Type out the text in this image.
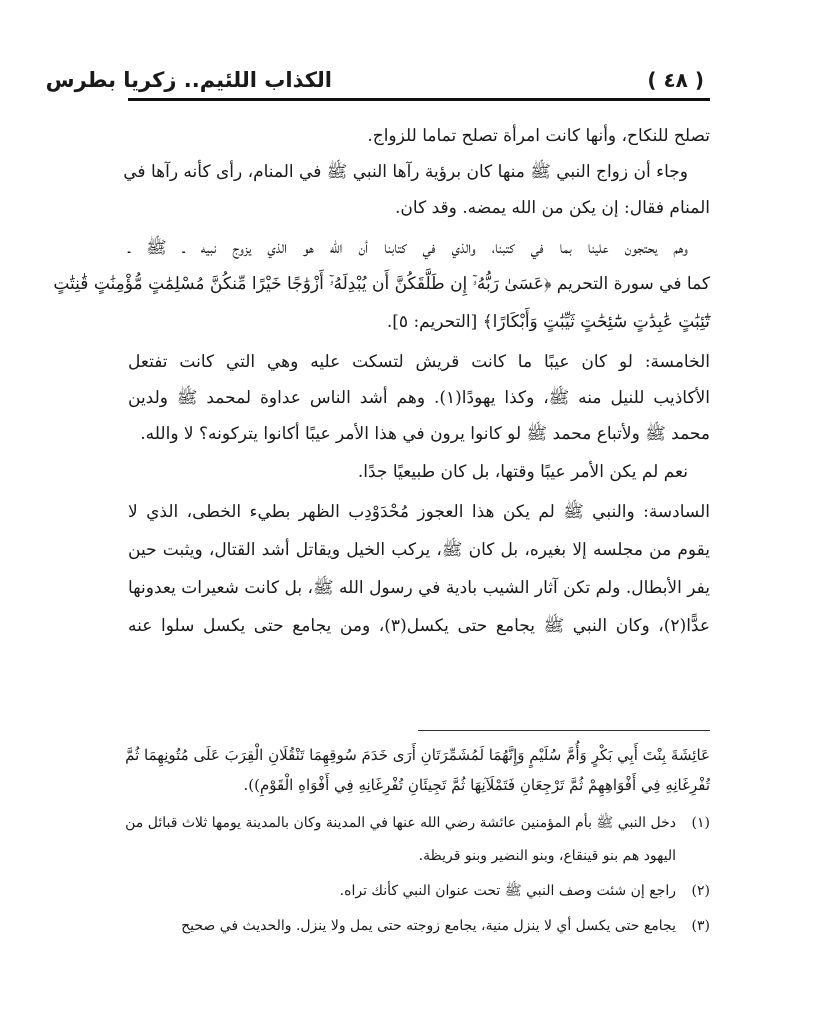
الكذاب اللئيم.. زكريا بطرس	( ٤٨ )
تصلح للنكاح، وأنها كانت امرأة تصلح تماما للزواج.
وجاء أن زواج النبي ﷺ منها كان برؤية رآها النبي ﷺ في المنام، رأى كأنه رآها في
المنام فقال: إن يكن من الله يمضه. وقد كان.
وهم يحتجون علينا بما في كتبنا، والذي في كتابنا أن الله هو الذي يزوج نبيه ـ ﷺ ـ
كما في سورة التحريم ﴿عَسَىٰ رَبُّهُۥٓ إِن طَلَّقَكُنَّ أَن يُبْدِلَهُۥٓ أَزْوَٰجًا خَيْرًا مِّنكُنَّ مُسْلِمَٰتٍ مُّؤْمِنَٰتٍ قَٰنِتَٰتٍ
تَٰٓئِبَٰتٍ عَٰبِدَٰتٍ سَٰٓئِحَٰتٍ ثَيِّبَٰتٍ وَأَبْكَارًا﴾ [التحريم: ٥].
الخامسة: لو كان عيبًا ما كانت قريش لتسكت عليه وهي التي كانت تفتعل
الأكاذيب للنيل منه ﷺ، وكذا يهودًا(١). وهم أشد الناس عداوة لمحمد ﷺ ولدين
محمد ﷺ ولأتباع محمد ﷺ لو كانوا يرون في هذا الأمر عيبًا أكانوا يتركونه؟ لا والله.
نعم لم يكن الأمر عيبًا وقتها، بل كان طبيعيًا جدًا.
السادسة: والنبي ﷺ لم يكن هذا العجوز مُحْدَوْدِب الظهر بطيء الخطى، الذي لا
يقوم من مجلسه إلا بغيره، بل كان ﷺ، يركب الخيل ويقاتل أشد القتال، ويثبت حين
يفر الأبطال. ولم تكن آثار الشيب بادية في رسول الله ﷺ، بل كانت شعيرات يعدونها
عدًّا(٢)، وكان النبي ﷺ يجامع حتى يكسل(٣)، ومن يجامع حتى يكسل سلوا عنه
عَائِشَةَ بِنْتَ أَبِي بَكْرٍ وَأُمَّ سُلَيْمٍ وَإِنَّهُمَا لَمُشَمِّرَتَانِ أَرَى خَدَمَ سُوقِهِمَا تَنْقُلَانِ الْقِرَبَ عَلَى مُتُونِهِمَا ثُمَّ
تُفْرِغَانِهِ فِي أَفْوَاهِهِمْ ثُمَّ تَرْجِعَانِ فَتَمْلَآنِهَا ثُمَّ تَجِيئَانِ تُفْرِغَانِهِ فِي أَفْوَاهِ الْقَوْمِ)).
(١)دخل النبي ﷺ بأم المؤمنين عائشة رضي الله عنها في المدينة وكان بالمدينة يومها ثلاث قبائل من
اليهود هم بنو قينقاع، وبنو النضير وبنو قريظة.
(٢)راجع إن شئت وصف النبي ﷺ تحت عنوان النبي كأنك تراه.
(٣)يجامع حتى يكسل أي لا ينزل منية، يجامع زوجته حتى يمل ولا ينزل. والحديث في صحيح
